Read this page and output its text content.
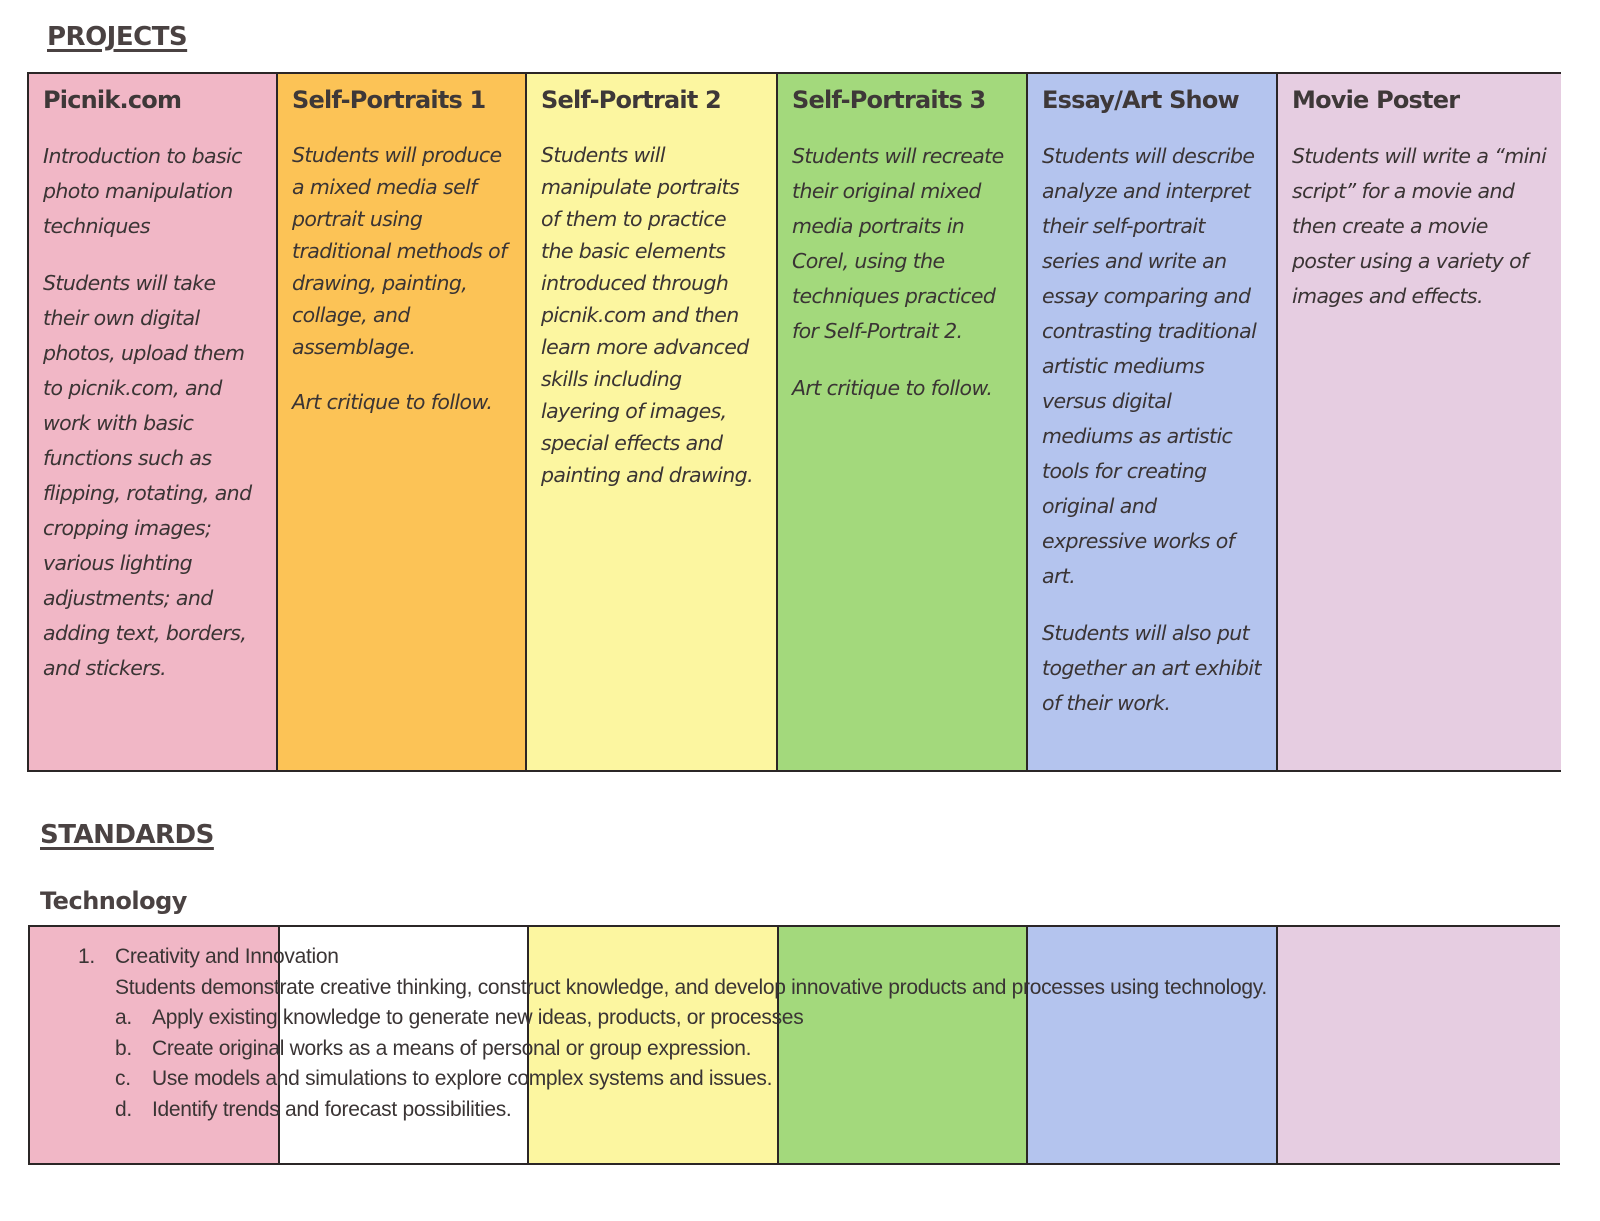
PROJECTS
Picnik.com

Introduction to basic photo manipulation techniques

Students will take their own digital photos, upload them to picnik.com, and work with basic functions such as flipping, rotating, and cropping images; various lighting adjustments; and adding text, borders, and stickers.

Self-Portraits 1

Students will produce a mixed media self portrait using traditional methods of drawing, painting, collage, and assemblage.

Art critique to follow.

Self-Portrait 2

Students will manipulate portraits of them to practice the basic elements introduced through picnik.com and then learn more advanced skills including layering of images, special effects and painting and drawing.

Self-Portraits 3

Students will recreate their original mixed media portraits in Corel, using the techniques practiced for Self-Portrait 2.

Art critique to follow.

Essay/Art Show

Students will describe analyze and interpret their self-portrait series and write an essay comparing and contrasting traditional artistic mediums versus digital mediums as artistic tools for creating original and expressive works of art.

Students will also put together an art exhibit of their work.

Movie Poster

Students will write a “mini script” for a movie and then create a movie poster using a variety of images and effects.

STANDARDS
Technology
1. Creativity and Innovation
Students demonstrate creative thinking, construct knowledge, and develop innovative products and processes using technology.
a. Apply existing knowledge to generate new ideas, products, or processes
b. Create original works as a means of personal or group expression.
c.	Use models and simulations to explore complex systems and issues.
d. Identify trends and forecast possibilities.
